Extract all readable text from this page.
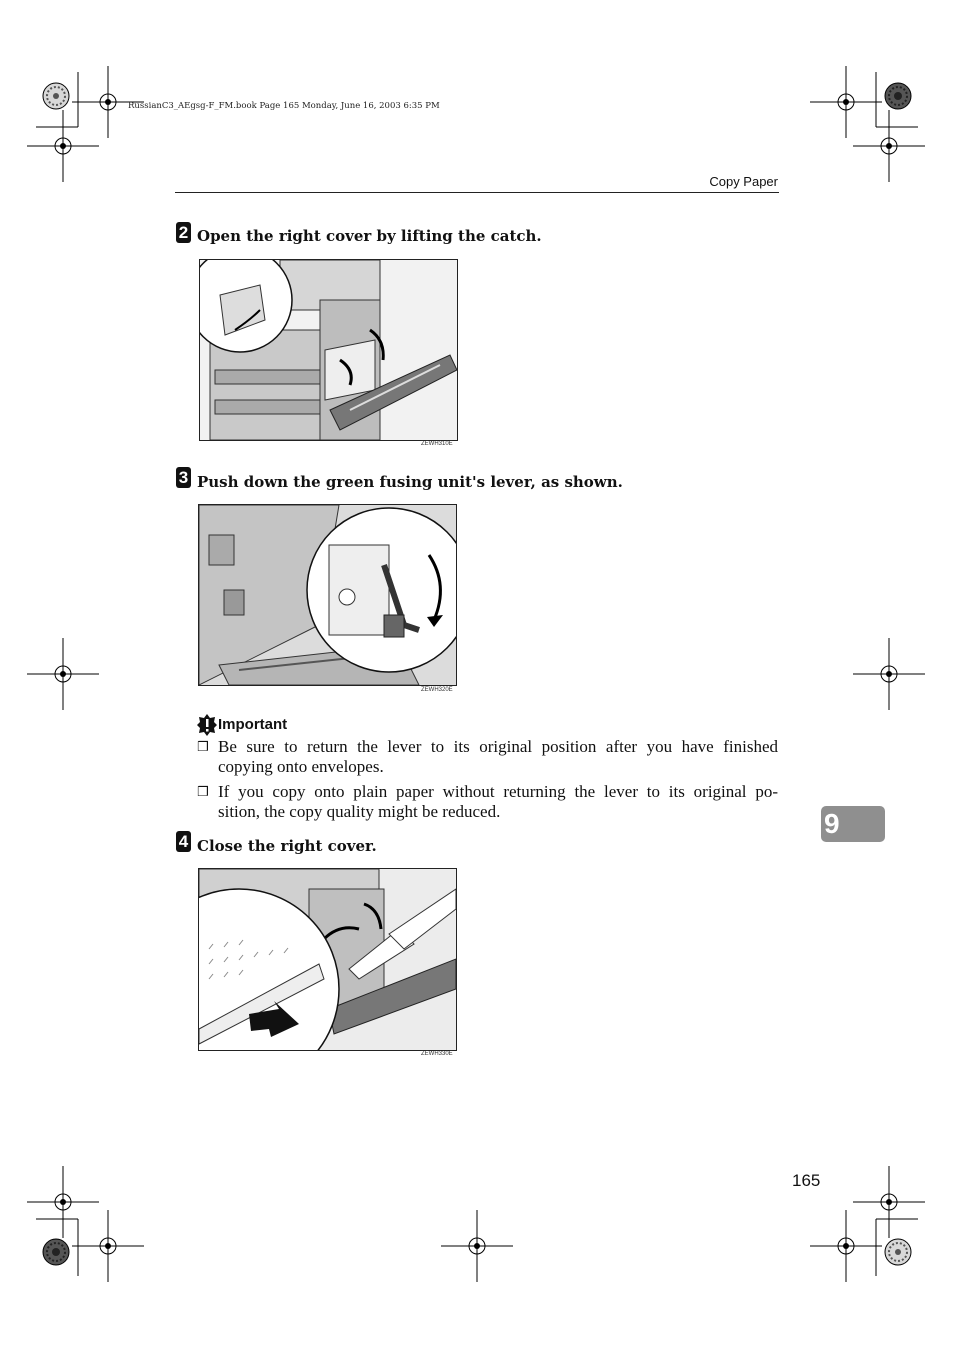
RussianC3_AEgsg-F_FM.book Page 165 Monday, June 16, 2003 6:35 PM
Copy Paper
2 Open the right cover by lifting the catch.
ZEWH310E
3 Push down the green fusing unit's lever, as shown.
ZEWH320E
Important
❒ Be sure to return the lever to its original position after you have finished
copying onto envelopes.
❒ If you copy onto plain paper without returning the lever to its original po-
sition, the copy quality might be reduced.
4 Close the right cover.
ZEWH330E
9
165
